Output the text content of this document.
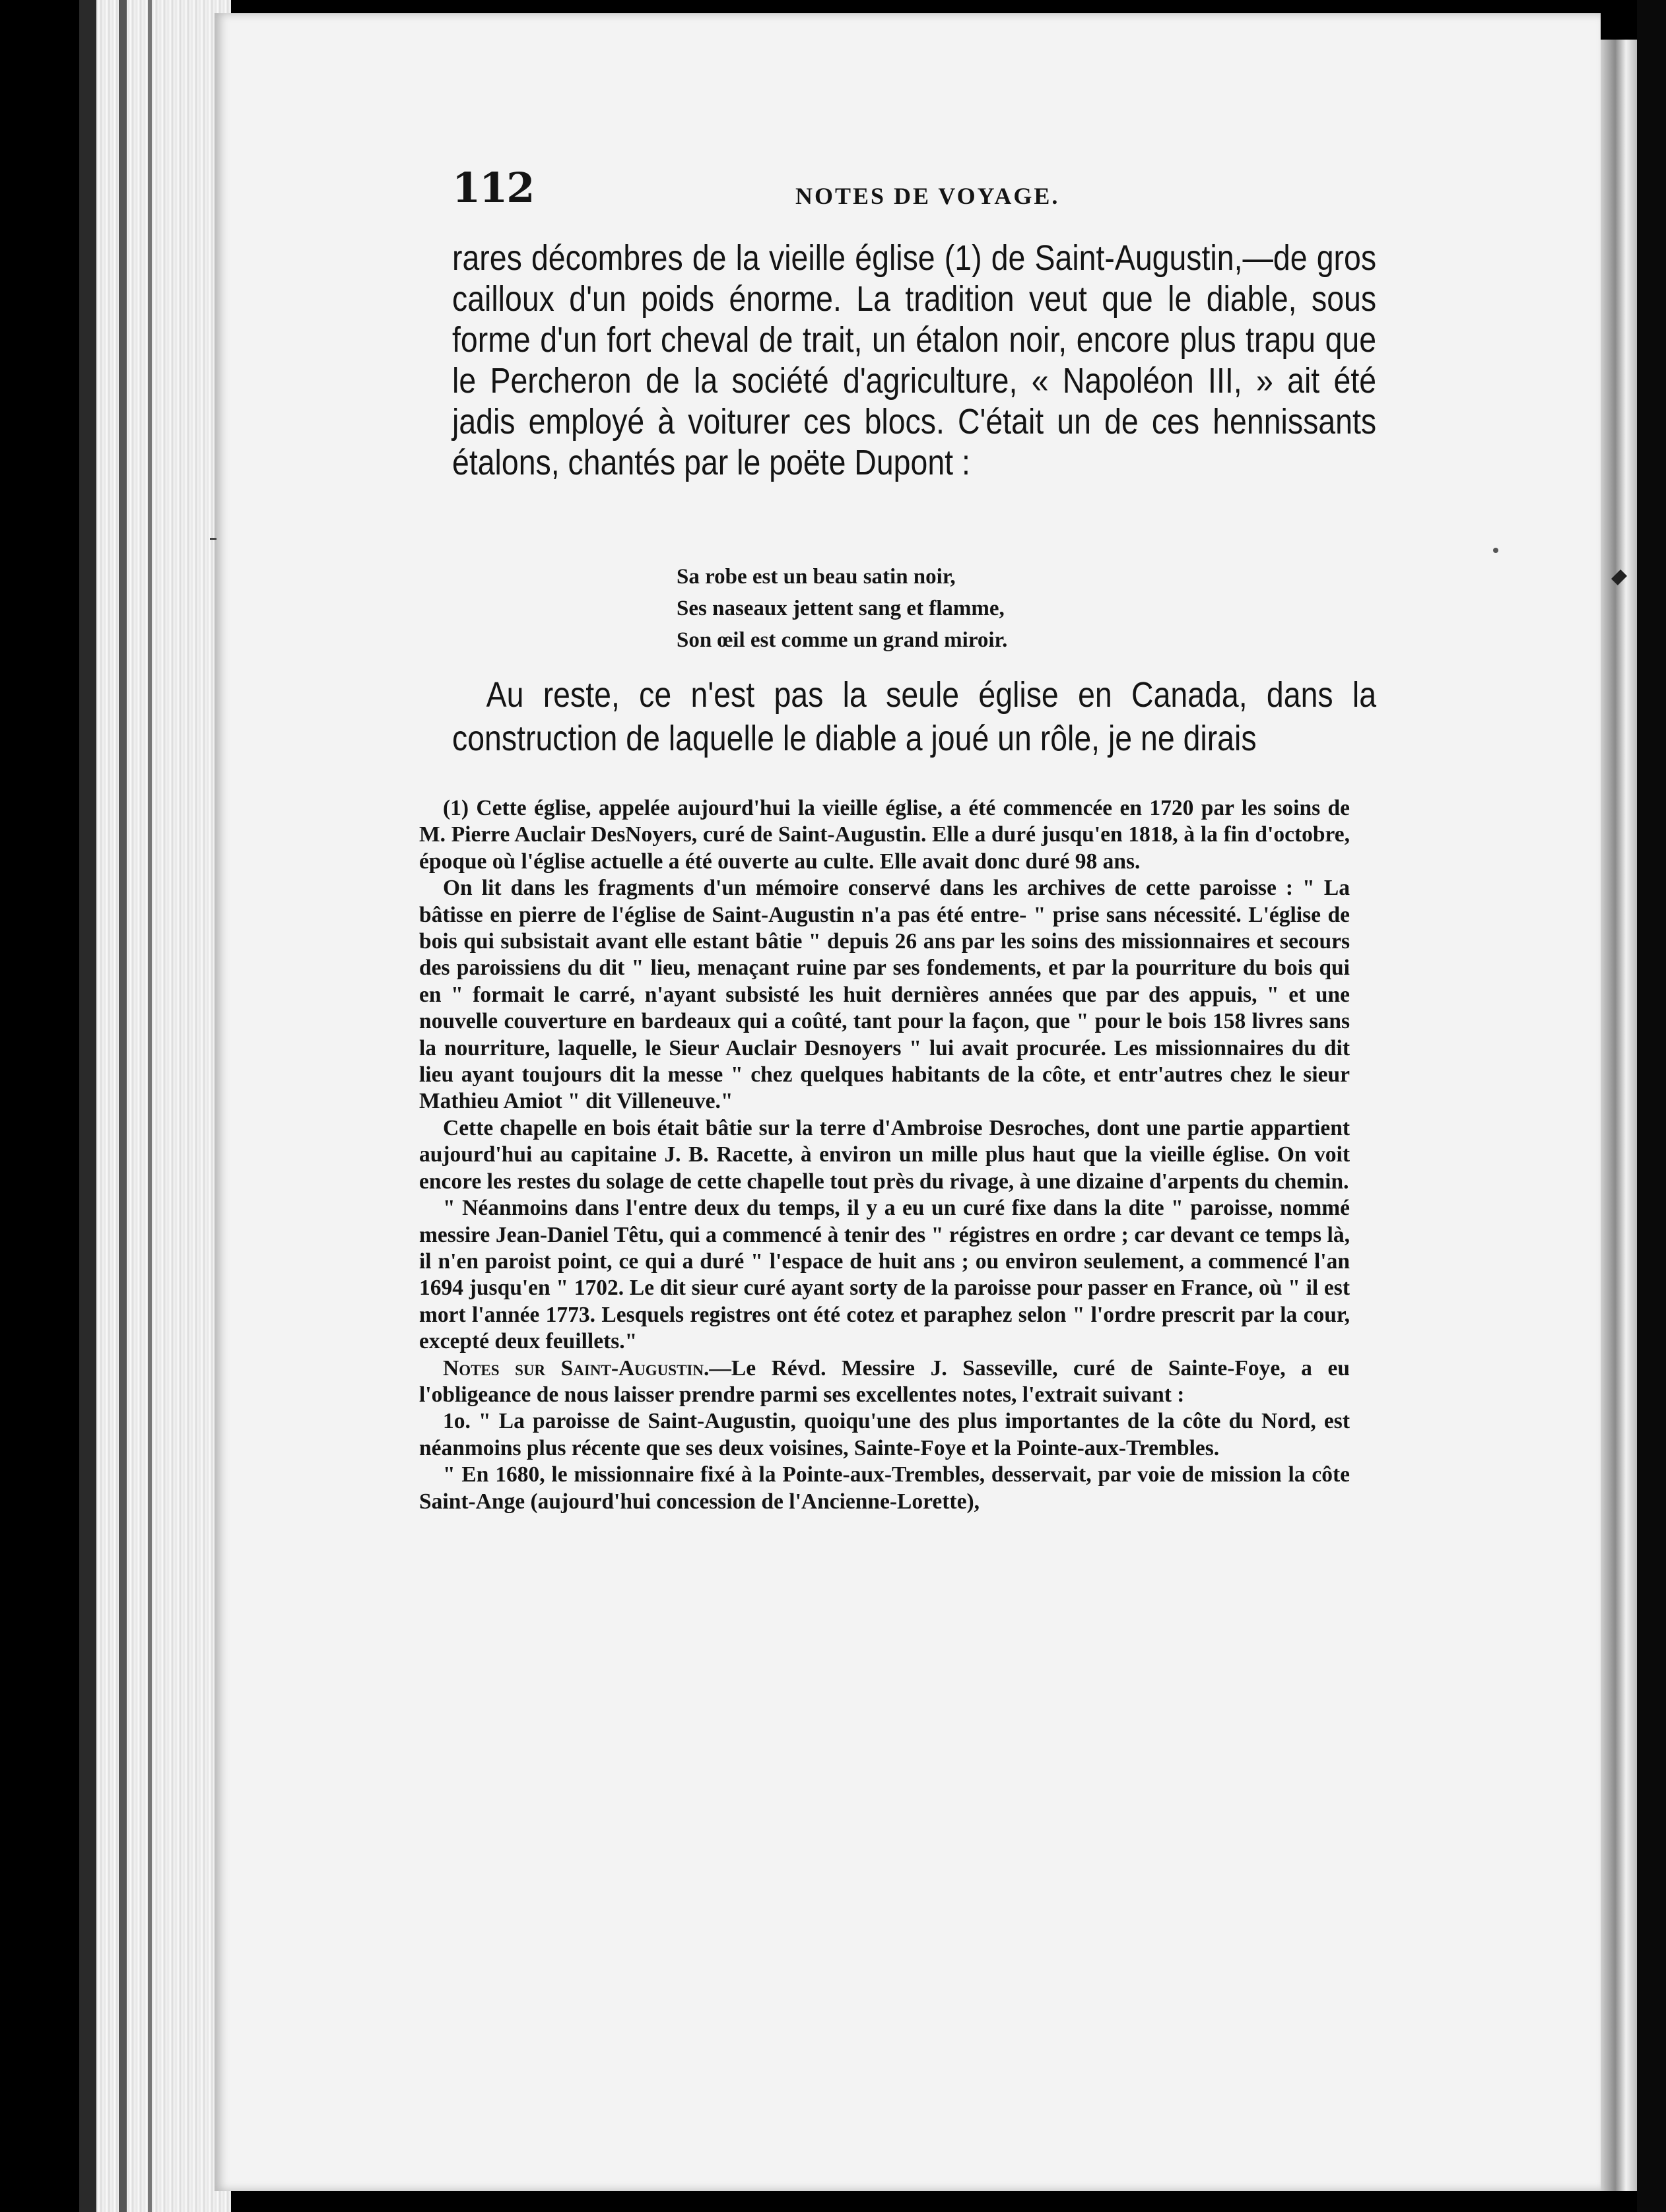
112	NOTES DE VOYAGE.

rares décombres de la vieille église (1) de Saint-Augustin,—de gros cailloux d'un poids énorme. La tradition veut que le diable, sous forme d'un fort cheval de trait, un étalon noir, encore plus trapu que le Percheron de la société d'agriculture, « Napoléon III, » ait été jadis employé à voiturer ces blocs. C'était un de ces hennissants étalons, chantés par le poëte Dupont :

Sa robe est un beau satin noir,
Ses naseaux jettent sang et flamme,
Son œil est comme un grand miroir.

Au reste, ce n'est pas la seule église en Canada, dans la construction de laquelle le diable a joué un rôle, je ne dirais

(1) Cette église, appelée aujourd'hui la vieille église, a été commencée en 1720 par les soins de M. Pierre Auclair DesNoyers, curé de Saint-Augustin. Elle a duré jusqu'en 1818, à la fin d'octobre, époque où l'église actuelle a été ouverte au culte. Elle avait donc duré 98 ans.

On lit dans les fragments d'un mémoire conservé dans les archives de cette paroisse : " La bâtisse en pierre de l'église de Saint-Augustin n'a pas été entre- " prise sans nécessité. L'église de bois qui subsistait avant elle estant bâtie " depuis 26 ans par les soins des missionnaires et secours des paroissiens du dit " lieu, menaçant ruine par ses fondements, et par la pourriture du bois qui en " formait le carré, n'ayant subsisté les huit dernières années que par des appuis, " et une nouvelle couverture en bardeaux qui a coûté, tant pour la façon, que " pour le bois 158 livres sans la nourriture, laquelle, le Sieur Auclair Desnoyers " lui avait procurée. Les missionnaires du dit lieu ayant toujours dit la messe " chez quelques habitants de la côte, et entr'autres chez le sieur Mathieu Amiot " dit Villeneuve."

Cette chapelle en bois était bâtie sur la terre d'Ambroise Desroches, dont une partie appartient aujourd'hui au capitaine J. B. Racette, à environ un mille plus haut que la vieille église. On voit encore les restes du solage de cette chapelle tout près du rivage, à une dizaine d'arpents du chemin.

" Néanmoins dans l'entre deux du temps, il y a eu un curé fixe dans la dite " paroisse, nommé messire Jean-Daniel Têtu, qui a commencé à tenir des " régistres en ordre ; car devant ce temps là, il n'en paroist point, ce qui a duré " l'espace de huit ans ; ou environ seulement, a commencé l'an 1694 jusqu'en " 1702. Le dit sieur curé ayant sorty de la paroisse pour passer en France, où " il est mort l'année 1773. Lesquels registres ont été cotez et paraphez selon " l'ordre prescrit par la cour, excepté deux feuillets."

Notes sur Saint-Augustin.—Le Révd. Messire J. Sasseville, curé de Sainte-Foye, a eu l'obligeance de nous laisser prendre parmi ses excellentes notes, l'extrait suivant :

1o. " La paroisse de Saint-Augustin, quoiqu'une des plus importantes de la côte du Nord, est néanmoins plus récente que ses deux voisines, Sainte-Foye et la Pointe-aux-Trembles.

" En 1680, le missionnaire fixé à la Pointe-aux-Trembles, desservait, par voie de mission la côte Saint-Ange (aujourd'hui concession de l'Ancienne-Lorette),
